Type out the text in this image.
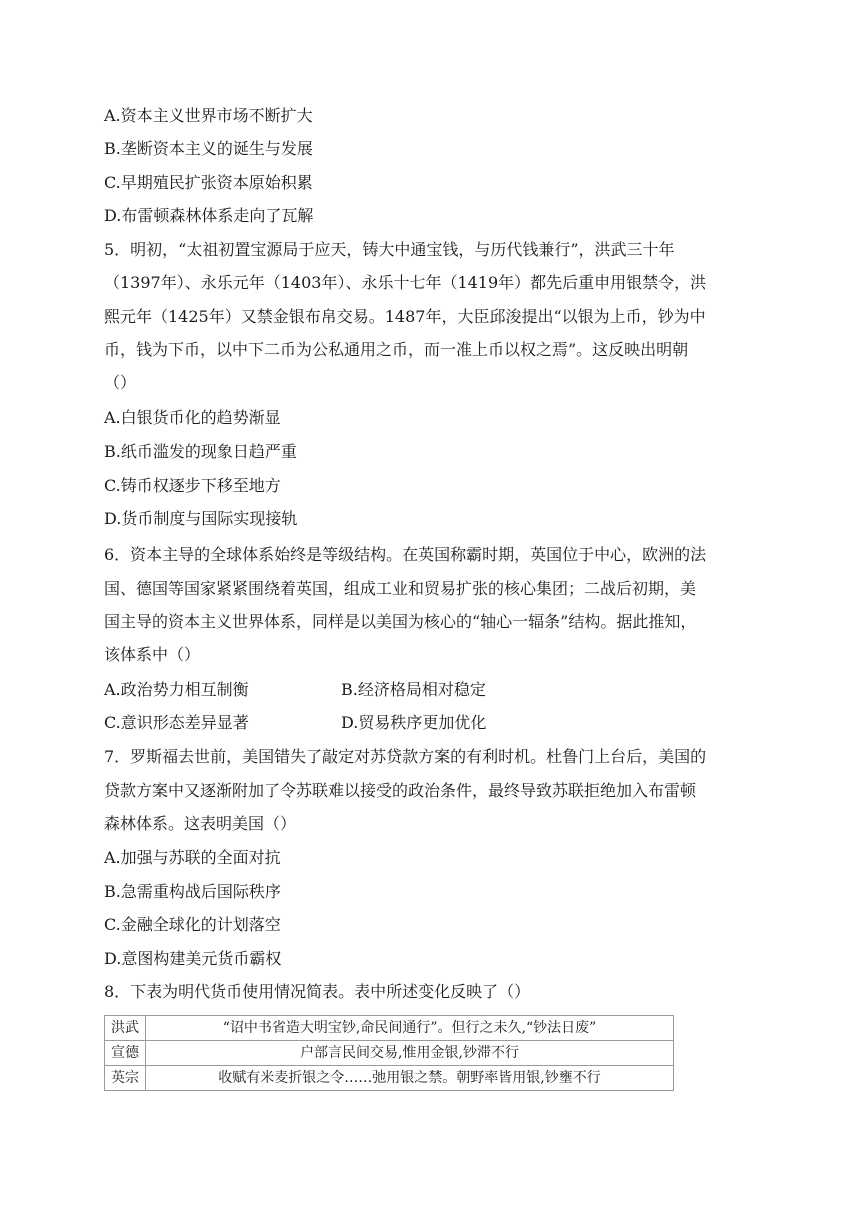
A.资本主义世界市场不断扩大
B.垄断资本主义的诞生与发展
C.早期殖民扩张资本原始积累
D.布雷顿森林体系走向了瓦解
5．明初，“太祖初置宝源局于应天，铸大中通宝钱，与历代钱兼行”，洪武三十年
（1397年）、永乐元年（1403年）、永乐十七年（1419年）都先后重申用银禁令，洪
熙元年（1425年）又禁金银布帛交易。1487年，大臣邱浚提出“以银为上币，钞为中
币，钱为下币，以中下二币为公私通用之币，而一准上币以权之焉”。这反映出明朝
（）
A.白银货币化的趋势渐显
B.纸币滥发的现象日趋严重
C.铸币权逐步下移至地方
D.货币制度与国际实现接轨
6．资本主导的全球体系始终是等级结构。在英国称霸时期，英国位于中心，欧洲的法
国、德国等国家紧紧围绕着英国，组成工业和贸易扩张的核心集团；二战后初期，美
国主导的资本主义世界体系，同样是以美国为核心的“轴心一辐条”结构。据此推知，
该体系中（）
A.政治势力相互制衡	B.经济格局相对稳定
C.意识形态差异显著	D.贸易秩序更加优化
7．罗斯福去世前，美国错失了敲定对苏贷款方案的有利时机。杜鲁门上台后，美国的
贷款方案中又逐渐附加了令苏联难以接受的政治条件，最终导致苏联拒绝加入布雷顿
森林体系。这表明美国（）
A.加强与苏联的全面对抗
B.急需重构战后国际秩序
C.金融全球化的计划落空
D.意图构建美元货币霸权
8．下表为明代货币使用情况简表。表中所述变化反映了（）
洪武	“诏中书省造大明宝钞,命民间通行”。但行之未久,“钞法日废”
宣德	户部言民间交易,惟用金银,钞滞不行
英宗	收赋有米麦折银之令……弛用银之禁。朝野率皆用银,钞壅不行
